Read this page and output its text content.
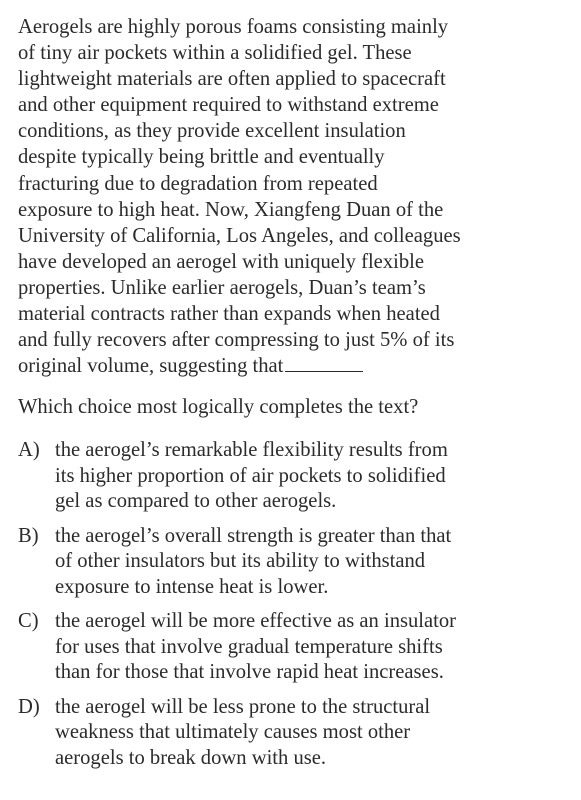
Aerogels are highly porous foams consisting mainly
of tiny air pockets within a solidified gel. These
lightweight materials are often applied to spacecraft
and other equipment required to withstand extreme
conditions, as they provide excellent insulation
despite typically being brittle and eventually
fracturing due to degradation from repeated
exposure to high heat. Now, Xiangfeng Duan of the
University of California, Los Angeles, and colleagues
have developed an aerogel with uniquely flexible
properties. Unlike earlier aerogels, Duan’s team’s
material contracts rather than expands when heated
and fully recovers after compressing to just 5% of its
original volume, suggesting that

Which choice most logically completes the text?

A) the aerogel’s remarkable flexibility results from
its higher proportion of air pockets to solidified
gel as compared to other aerogels.
B) the aerogel’s overall strength is greater than that
of other insulators but its ability to withstand
exposure to intense heat is lower.
C) the aerogel will be more effective as an insulator
for uses that involve gradual temperature shifts
than for those that involve rapid heat increases.
D) the aerogel will be less prone to the structural
weakness that ultimately causes most other
aerogels to break down with use.
